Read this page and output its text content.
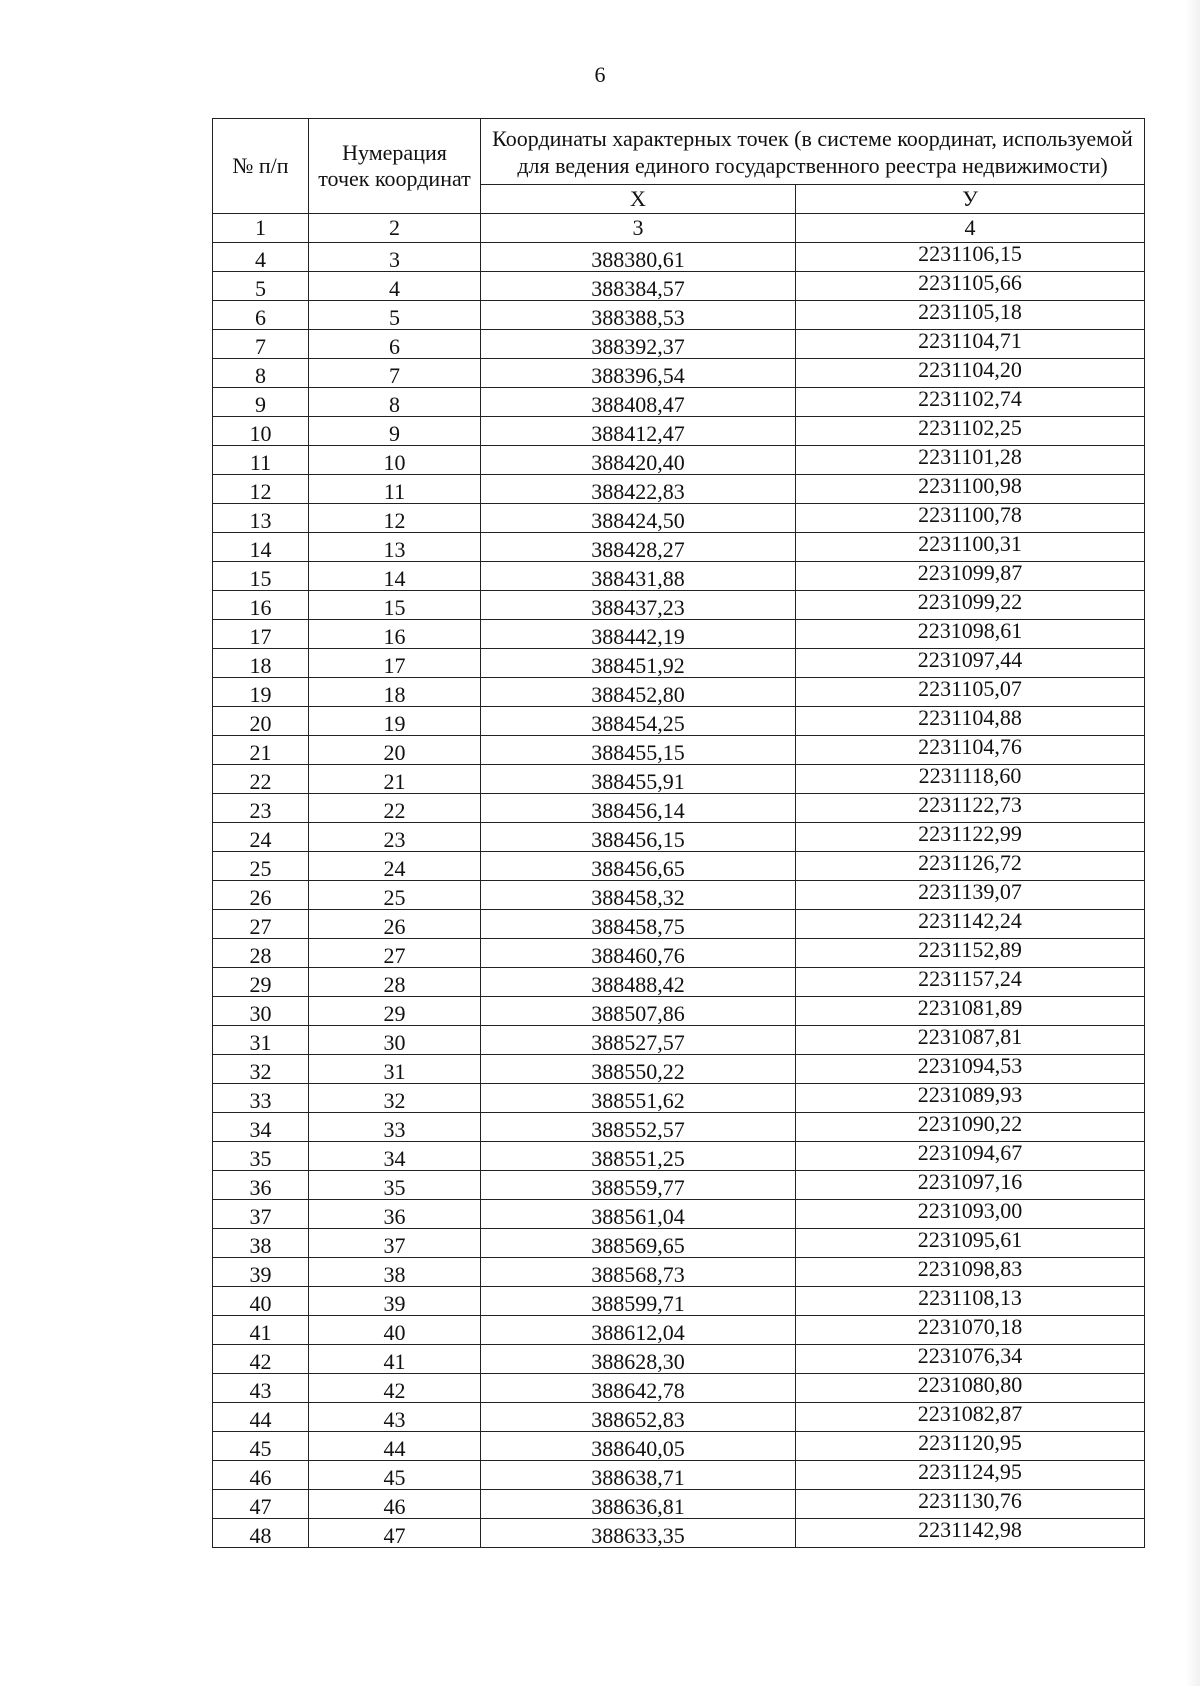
6
№ п/п	Нумерация точек координат	Координаты характерных точек (в системе координат, используемой для ведения единого государственного реестра недвижимости)	
		X	У
1	2	3	4
4	3	388380,61	2231106,15
5	4	388384,57	2231105,66
6	5	388388,53	2231105,18
7	6	388392,37	2231104,71
8	7	388396,54	2231104,20
9	8	388408,47	2231102,74
10	9	388412,47	2231102,25
11	10	388420,40	2231101,28
12	11	388422,83	2231100,98
13	12	388424,50	2231100,78
14	13	388428,27	2231100,31
15	14	388431,88	2231099,87
16	15	388437,23	2231099,22
17	16	388442,19	2231098,61
18	17	388451,92	2231097,44
19	18	388452,80	2231105,07
20	19	388454,25	2231104,88
21	20	388455,15	2231104,76
22	21	388455,91	2231118,60
23	22	388456,14	2231122,73
24	23	388456,15	2231122,99
25	24	388456,65	2231126,72
26	25	388458,32	2231139,07
27	26	388458,75	2231142,24
28	27	388460,76	2231152,89
29	28	388488,42	2231157,24
30	29	388507,86	2231081,89
31	30	388527,57	2231087,81
32	31	388550,22	2231094,53
33	32	388551,62	2231089,93
34	33	388552,57	2231090,22
35	34	388551,25	2231094,67
36	35	388559,77	2231097,16
37	36	388561,04	2231093,00
38	37	388569,65	2231095,61
39	38	388568,73	2231098,83
40	39	388599,71	2231108,13
41	40	388612,04	2231070,18
42	41	388628,30	2231076,34
43	42	388642,78	2231080,80
44	43	388652,83	2231082,87
45	44	388640,05	2231120,95
46	45	388638,71	2231124,95
47	46	388636,81	2231130,76
48	47	388633,35	2231142,98
